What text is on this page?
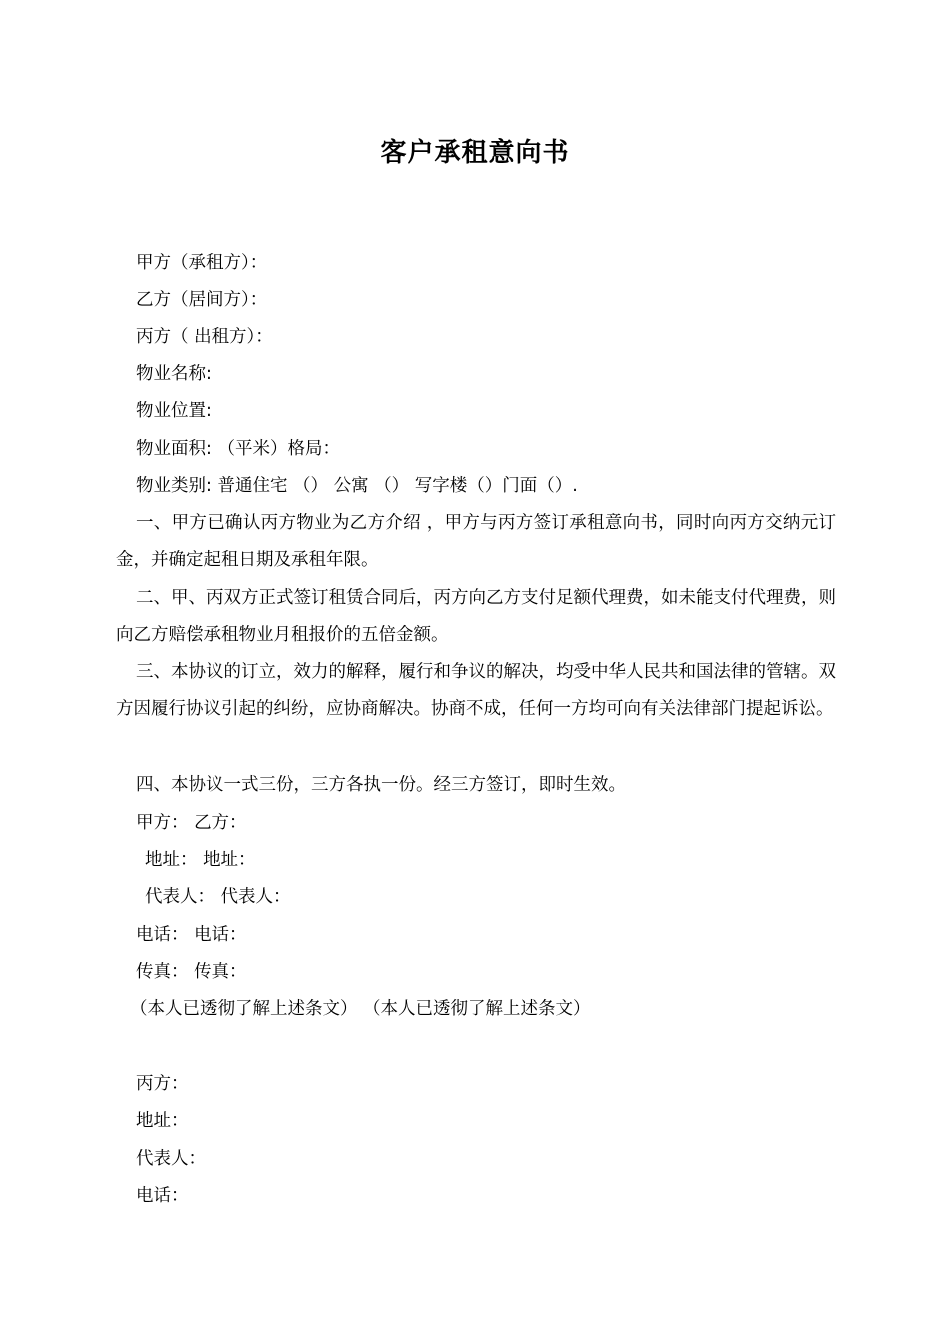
客户承租意向书
甲方（承租方）：
乙方（居间方）：
丙方（ 出租方）：
物业名称:
物业位置:
物业面积: （平米）格局：
物业类别: 普通住宅 （） 公寓 （） 写字楼（）门面（）.
一、甲方已确认丙方物业为乙方介绍 ，甲方与丙方签订承租意向书，同时向丙方交纳元订金，并确定起租日期及承租年限。
二、甲、丙双方正式签订租赁合同后，丙方向乙方支付足额代理费，如未能支付代理费，则向乙方赔偿承租物业月租报价的五倍金额。
三、本协议的订立，效力的解释，履行和争议的解决，均受中华人民共和国法律的管辖。双方因履行协议引起的纠纷，应协商解决。协商不成，任何一方均可向有关法律部门提起诉讼。
四、本协议一式三份，三方各执一份。经三方签订，即时生效。
甲方： 乙方：
地址： 地址：
代表人： 代表人：
电话： 电话：
传真： 传真：
（本人已透彻了解上述条文） （本人已透彻了解上述条文）
丙方：
地址：
代表人：
电话：
